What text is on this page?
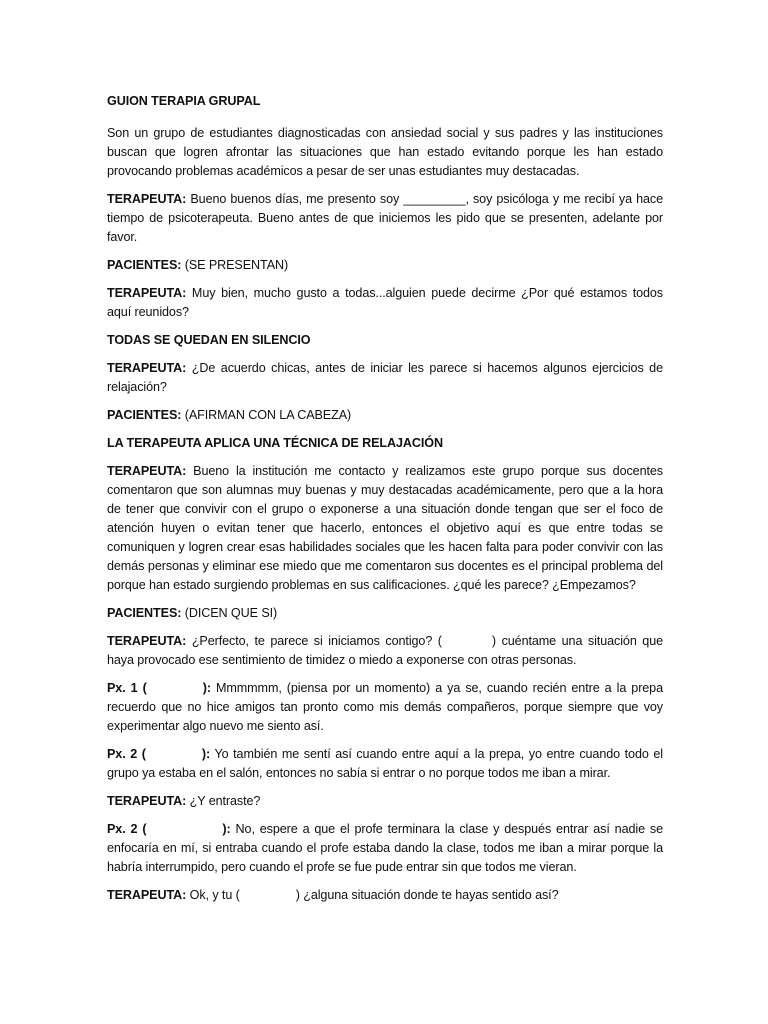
GUION TERAPIA GRUPAL
Son un grupo de estudiantes diagnosticadas con ansiedad social y sus padres y las instituciones buscan que logren afrontar las situaciones que han estado evitando porque les han estado provocando problemas académicos a pesar de ser unas estudiantes muy destacadas.
TERAPEUTA: Bueno buenos días, me presento soy _________, soy psicóloga y me recibí ya hace tiempo de psicoterapeuta. Bueno antes de que iniciemos les pido que se presenten, adelante por favor.
PACIENTES: (SE PRESENTAN)
TERAPEUTA: Muy bien, mucho gusto a todas...alguien puede decirme ¿Por qué estamos todos aquí reunidos?
TODAS SE QUEDAN EN SILENCIO
TERAPEUTA: ¿De acuerdo chicas, antes de iniciar les parece si hacemos algunos ejercicios de relajación?
PACIENTES: (AFIRMAN CON LA CABEZA)
LA TERAPEUTA APLICA UNA TÉCNICA DE RELAJACIÓN
TERAPEUTA: Bueno la institución me contacto y realizamos este grupo porque sus docentes comentaron que son alumnas muy buenas y muy destacadas académicamente, pero que a la hora de tener que convivir con el grupo o exponerse a una situación donde tengan que ser el foco de atención huyen o evitan tener que hacerlo, entonces el objetivo aquí es que entre todas se comuniquen y logren crear esas habilidades sociales que les hacen falta para poder convivir con las demás personas y eliminar ese miedo que me comentaron sus docentes es el principal problema del porque han estado surgiendo problemas en sus calificaciones. ¿qué les parece? ¿Empezamos?
PACIENTES: (DICEN QUE SI)
TERAPEUTA: ¿Perfecto, te parece si iniciamos contigo? (	) cuéntame una situación que haya provocado ese sentimiento de timidez o miedo a exponerse con otras personas.
Px. 1 (	): Mmmmmm, (piensa por un momento) a ya se, cuando recién entre a la prepa recuerdo que no hice amigos tan pronto como mis demás compañeros, porque siempre que voy experimentar algo nuevo me siento así.
Px. 2 (	): Yo también me sentí así cuando entre aquí a la prepa, yo entre cuando todo el grupo ya estaba en el salón, entonces no sabía si entrar o no porque todos me iban a mirar.
TERAPEUTA: ¿Y entraste?
Px. 2 (	): No, espere a que el profe terminara la clase y después entrar así nadie se enfocaría en mí, si entraba cuando el profe estaba dando la clase, todos me iban a mirar porque la habría interrumpido, pero cuando el profe se fue pude entrar sin que todos me vieran.
TERAPEUTA: Ok, y tu (	) ¿alguna situación donde te hayas sentido así?
